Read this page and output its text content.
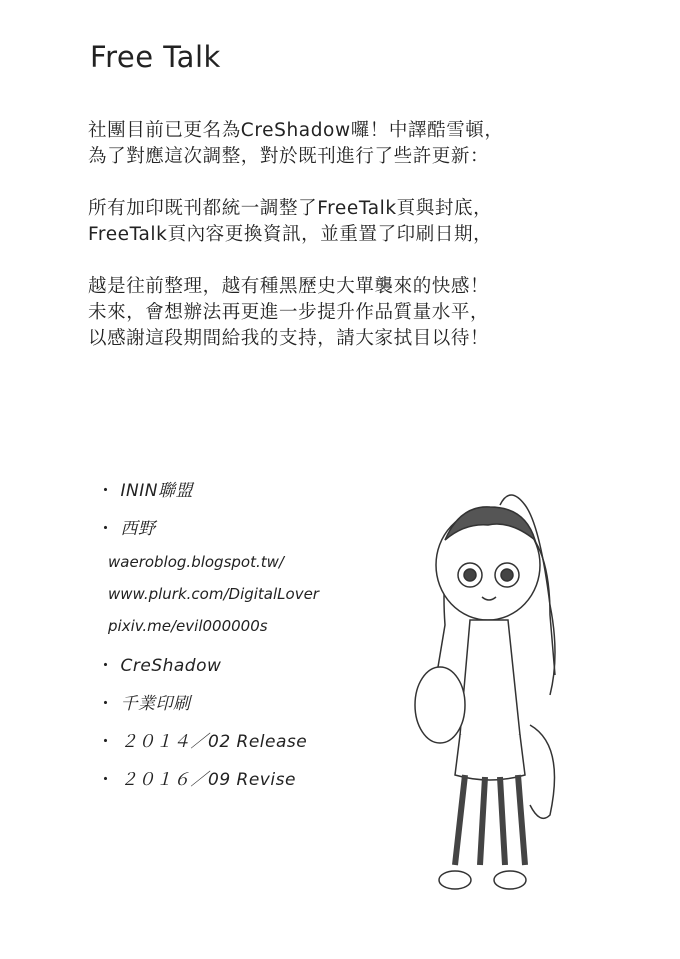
Free Talk
社團目前已更名為CreShadow囉！中譯酷雪頓，
為了對應這次調整，對於既刊進行了些許更新：
所有加印既刊都統一調整了FreeTalk頁與封底，
FreeTalk頁內容更換資訊，並重置了印刷日期，
越是往前整理，越有種黑歷史大單襲來的快感！
未來，會想辦法再更進一步提升作品質量水平，
以感謝這段期間給我的支持，請大家拭目以待！
・ ININ聯盟
・ 西野
waeroblog.blogspot.tw/
www.plurk.com/DigitalLover
pixiv.me/evil000000s
・ CreShadow
・ 千業印刷
・ ２０１４／02 Release
・ ２０１６／09 Revise
